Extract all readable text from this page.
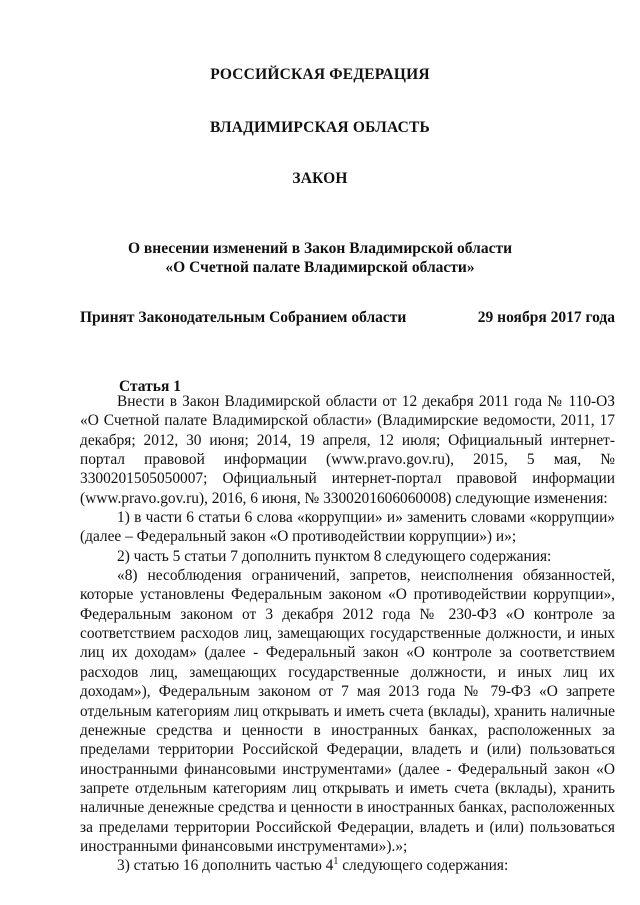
РОССИЙСКАЯ ФЕДЕРАЦИЯ
ВЛАДИМИРСКАЯ ОБЛАСТЬ
ЗАКОН
О внесении изменений в Закон Владимирской области
«О Счетной палате Владимирской области»
Принят Законодательным Собранием области	29 ноября 2017 года
Статья 1

Внести в Закон Владимирской области от 12 декабря 2011 года № 110-ОЗ «О Счетной палате Владимирской области» (Владимирские ведомости, 2011, 17 декабря; 2012, 30 июня; 2014, 19 апреля, 12 июля; Официальный интернет-портал правовой информации (www.pravo.gov.ru), 2015, 5 мая, № 3300201505050007; Официальный интернет-портал правовой информации (www.pravo.gov.ru), 2016, 6 июня, № 3300201606060008) следующие изменения:

1) в части 6 статьи 6 слова «коррупции» и» заменить словами «коррупции» (далее – Федеральный закон «О противодействии коррупции») и»;

2) часть 5 статьи 7 дополнить пунктом 8 следующего содержания:

«8) несоблюдения ограничений, запретов, неисполнения обязанностей, которые установлены Федеральным законом «О противодействии коррупции», Федеральным законом от 3 декабря 2012 года № 230-ФЗ «О контроле за соответствием расходов лиц, замещающих государственные должности, и иных лиц их доходам» (далее - Федеральный закон «О контроле за соответствием расходов лиц, замещающих государственные должности, и иных лиц их доходам»), Федеральным законом от 7 мая 2013 года № 79-ФЗ «О запрете отдельным категориям лиц открывать и иметь счета (вклады), хранить наличные денежные средства и ценности в иностранных банках, расположенных за пределами территории Российской Федерации, владеть и (или) пользоваться иностранными финансовыми инструментами» (далее - Федеральный закон «О запрете отдельным категориям лиц открывать и иметь счета (вклады), хранить наличные денежные средства и ценности в иностранных банках, расположенных за пределами территории Российской Федерации, владеть и (или) пользоваться иностранными финансовыми инструментами»).»;

3) статью 16 дополнить частью $4^1$ следующего содержания:
